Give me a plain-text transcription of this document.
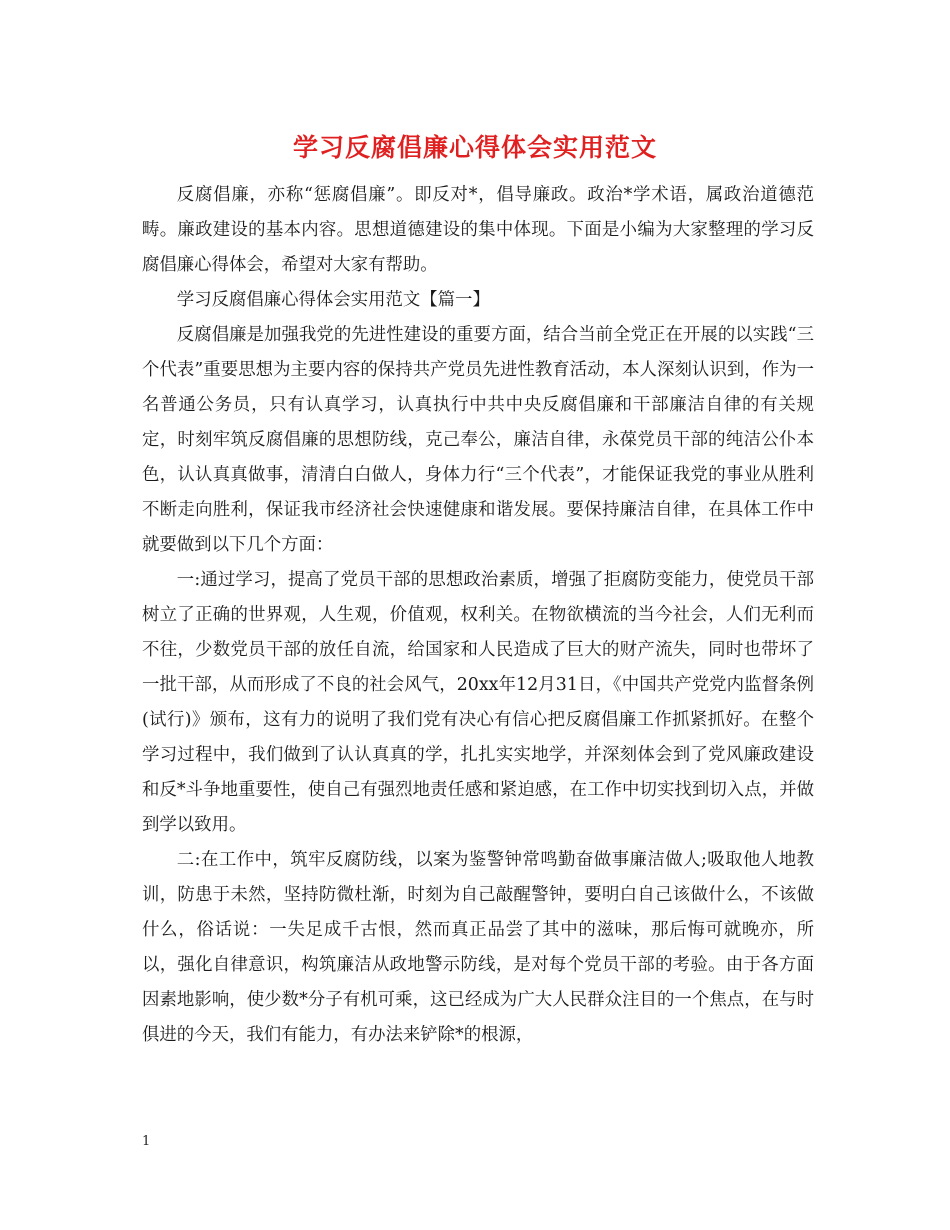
学习反腐倡廉心得体会实用范文

反腐倡廉，亦称“惩腐倡廉”。即反对*，倡导廉政。政治*学术语，属政治道德范畴。廉政建设的基本内容。思想道德建设的集中体现。下面是小编为大家整理的学习反腐倡廉心得体会，希望对大家有帮助。

学习反腐倡廉心得体会实用范文【篇一】

反腐倡廉是加强我党的先进性建设的重要方面，结合当前全党正在开展的以实践“三个代表”重要思想为主要内容的保持共产党员先进性教育活动，本人深刻认识到，作为一名普通公务员，只有认真学习，认真执行中共中央反腐倡廉和干部廉洁自律的有关规定，时刻牢筑反腐倡廉的思想防线，克己奉公，廉洁自律，永葆党员干部的纯洁公仆本色，认认真真做事，清清白白做人，身体力行“三个代表”，才能保证我党的事业从胜利不断走向胜利，保证我市经济社会快速健康和谐发展。要保持廉洁自律，在具体工作中就要做到以下几个方面：

一:通过学习，提高了党员干部的思想政治素质，增强了拒腐防变能力，使党员干部树立了正确的世界观，人生观，价值观，权利关。在物欲横流的当今社会，人们无利而不往，少数党员干部的放任自流，给国家和人民造成了巨大的财产流失，同时也带坏了一批干部，从而形成了不良的社会风气，20xx年12月31日，《中国共产党党内监督条例(试行)》颁布，这有力的说明了我们党有决心有信心把反腐倡廉工作抓紧抓好。在整个学习过程中，我们做到了认认真真的学，扎扎实实地学，并深刻体会到了党风廉政建设和反*斗争地重要性，使自己有强烈地责任感和紧迫感，在工作中切实找到切入点，并做到学以致用。

二:在工作中，筑牢反腐防线，以案为鉴警钟常鸣勤奋做事廉洁做人;吸取他人地教训，防患于未然，坚持防微杜渐，时刻为自己敲醒警钟，要明白自己该做什么，不该做什么，俗话说：一失足成千古恨，然而真正品尝了其中的滋味，那后悔可就晚亦，所以，强化自律意识，构筑廉洁从政地警示防线，是对每个党员干部的考验。由于各方面因素地影响，使少数*分子有机可乘，这已经成为广大人民群众注目的一个焦点，在与时俱进的今天，我们有能力，有办法来铲除*的根源，

1
